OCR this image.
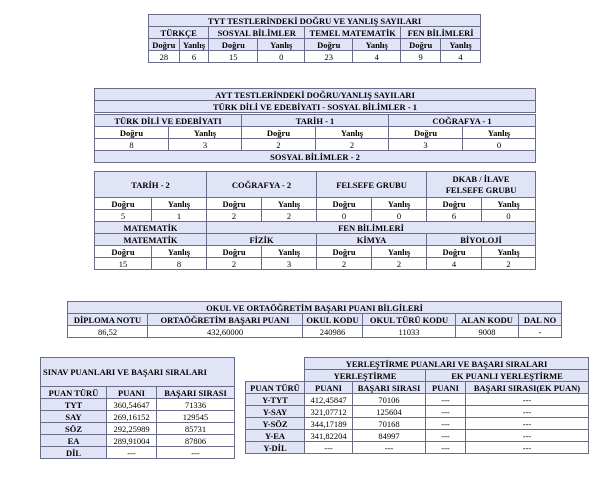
TYT TESTLERİNDEKİ DOĞRU VE YANLIŞ SAYILARI							
TÜRKÇE		SOSYAL BİLİMLER		TEMEL MATEMATİK		FEN BİLİMLERİ	
Doğru	Yanlış	Doğru	Yanlış	Doğru	Yanlış	Doğru	Yanlış
28	6	15	0	23	4	9	4
AYT TESTLERİNDEKİ DOĞRU/YANLIŞ SAYILARI
TÜRK DİLİ VE EDEBİYATI - SOSYAL BİLİMLER - 1
TÜRK DİLİ VE EDEBİYATI		TARİH - 1		COĞRAFYA - 1	
Doğru	Yanlış	Doğru	Yanlış	Doğru	Yanlış
8	3	2	2	3	0
SOSYAL BİLİMLER - 2					
TARİH - 2		COĞRAFYA - 2		FELSEFE GRUBU		DKAB / İLAVE
FELSEFE GRUBU	
Doğru	Yanlış	Doğru	Yanlış	Doğru	Yanlış	Doğru	Yanlış
5	1	2	2	0	0	6	0
MATEMATİK		FEN BİLİMLERİ					
MATEMATİK		FİZİK		KİMYA		BİYOLOJİ	
Doğru	Yanlış	Doğru	Yanlış	Doğru	Yanlış	Doğru	Yanlış
15	8	2	3	2	2	4	2
OKUL VE ORTAÖĞRETİM BAŞARI PUANI BİLGİLERİ					
DİPLOMA NOTU	ORTAÖĞRETİM BAŞARI PUANI	OKUL KODU	OKUL TÜRÜ KODU	ALAN KODU	DAL NO
86,52	432,60000	240986	11033	9008	-
SINAV PUANLARI VE BAŞARI SIRALARI		
PUAN TÜRÜ	PUANI	BAŞARI SIRASI
TYT	360,54647	71336
SAY	269,16152	129545
SÖZ	292,25989	85731
EA	289,91004	87806
DİL	---	---
	YERLEŞTİRME PUANLARI VE BAŞARI SIRALARI			
	YERLEŞTİRME		EK PUANLI YERLEŞTİRME	
PUAN TÜRÜ	PUANI	BAŞARI SIRASI	PUANI	BAŞARI SIRASI(EK PUAN)
Y-TYT	412,45847	70106	---	---
Y-SAY	321,07712	125604	---	---
Y-SÖZ	344,17189	70168	---	---
Y-EA	341,82204	84997	---	---
Y-DİL	---	---	---	---
